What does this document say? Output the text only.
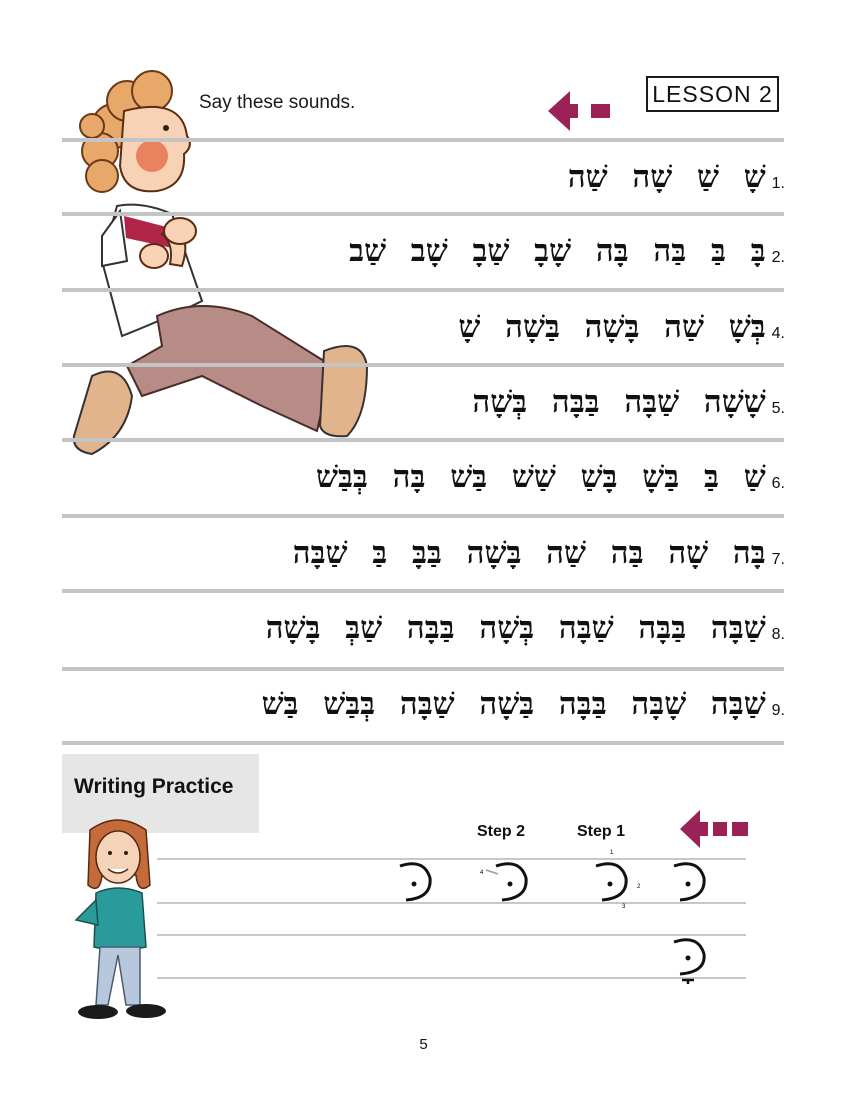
Say these sounds.	LESSON 2
1.
שָׁ שַׁ שָׁה שַׁה
2.
בָּ בַּ בַּה בָּה שָׁבָ שַׁבָ שָׁב שַׁב
4.
בְּשָׁ שַׁה בָּשָׁה בַּשָׁה שָׁ
5.
שָׁשָׁה שַׁבָּה בַּבָּה בְּשָׁה
6.
שַׁ בַּ בַּשָׁ בָּשַׁ שַׁשׁ בַּשׁ בָּה בְּבַּשׁ
7.
בָּה שָׁה בַּה שַׁה בָּשָׁה בַּבָּ בַּ שַׁבָּה
8.
שַׁבָּה בַּבָּה שַׁבָּה בְּשָׁה בַּבָּה שַׁבְּ בָּשָׁה
9.
שַׁבָּה שָׁבָּה בַּבָּה בַּשָׁה שַׁבָּה בְּבַּשׁ בַּשׁ
Writing Practice
Step 2	Step 1
1
2
3
4
5
